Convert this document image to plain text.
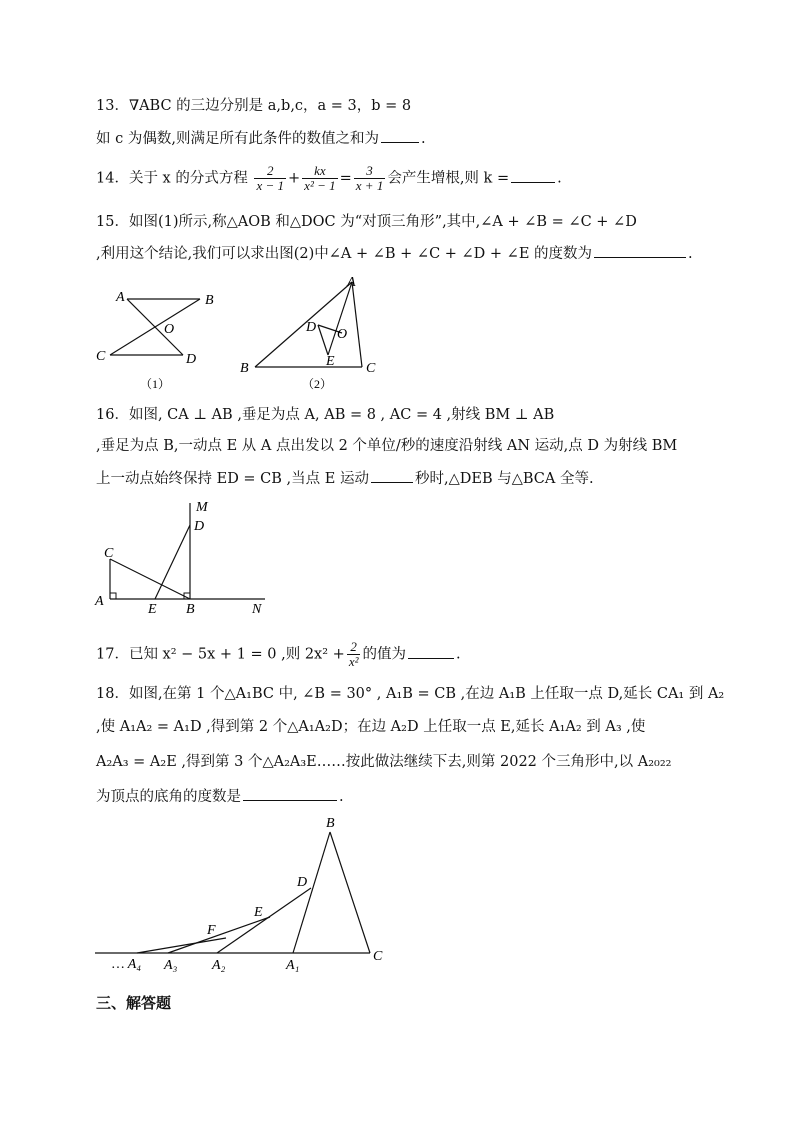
13．∇ABC 的三边分别是 a,b,c，a = 3，b = 8
如 c 为偶数,则满足所有此条件的数值之和为	.
14．关于 x 的分式方程 $\frac{2}{x - 1} + \frac{kx}{\text{x² − 1}} = \frac{3}{x + 1}$ 会产生增根,则 k =	.
15．如图(1)所示,称△AOB 和△DOC 为“对顶三角形”,其中,∠A + ∠B = ∠C + ∠D
,利用这个结论,我们可以求出图(2)中∠A + ∠B + ∠C + ∠D + ∠E 的度数为	.
A	B
O
C	D
（1）
A
D O
E
B	C
（2）
16．如图, CA ⊥ AB ,垂足为点 A, AB = 8 , AC = 4 ,射线 BM ⊥ AB
,垂足为点 B,一动点 E 从 A 点出发以 2 个单位/秒的速度沿射线 AN 运动,点 D 为射线 BM
上一动点始终保持 ED = CB ,当点 E 运动	秒时,△DEB 与△BCA 全等.
M
D
C
A
E B	N
17．已知 x² − 5x + 1 = 0 ,则 $2x^2 + \frac{2}{\text{x²}}$ 的值为	.
18．如图,在第 1 个△A₁BC 中, ∠B = 30° , A₁B = CB ,在边 A₁B 上任取一点 D,延长 CA₁ 到 A₂
,使 A₁A₂ = A₁D ,得到第 2 个△A₁A₂D；在边 A₂D 上任取一点 E,延长 A₁A₂ 到 A₃ ,使
A₂A₃ = A₂E ,得到第 3 个△A₂A₃E……按此做法继续下去,则第 2022 个三角形中,以 A₂₀₂₂
为顶点的底角的度数是	.
B
D
E
F
… A₄ A₃ A₂	A₁
C
三、解答题
